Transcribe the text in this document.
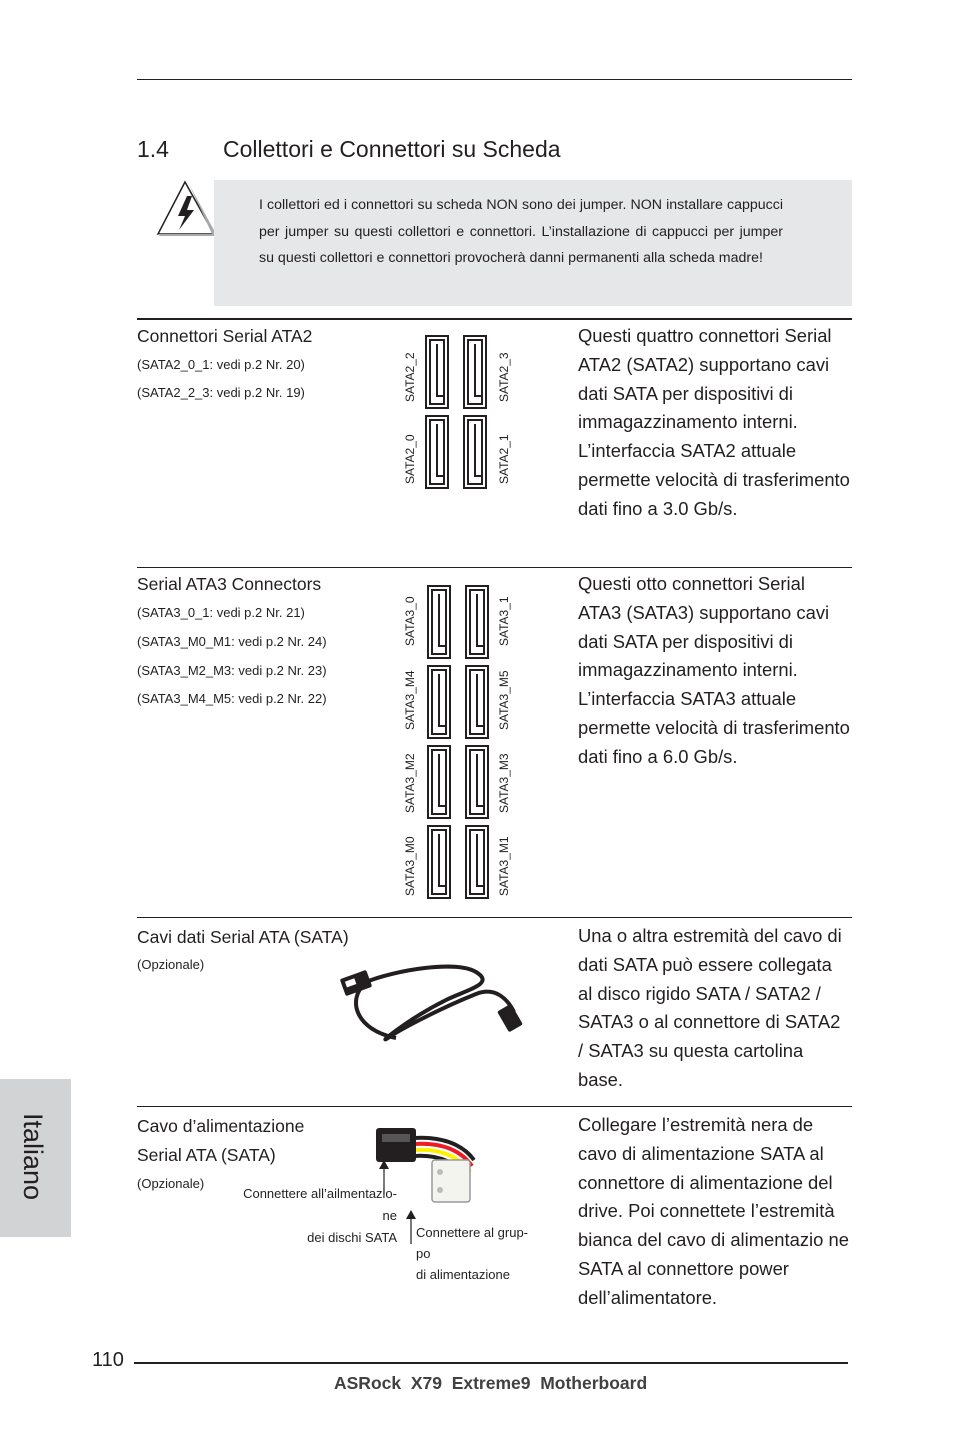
1.4 Collettori e Connettori su Scheda
I collettori ed i connettori su scheda NON sono dei jumper. NON installare cappucci per jumper su questi collettori e connettori. L’installazione di cappucci per jumper su questi collettori e connettori provocherà danni permanenti alla scheda madre!
Connettori Serial ATA2
(SATA2_0_1: vedi p.2 Nr. 20)
(SATA2_2_3: vedi p.2 Nr. 19)	SATA2_2	SATA2_3
SATA2_0	SATA2_1
Questi quattro connettori Serial ATA2 (SATA2) supportano cavi dati SATA per dispositivi di immagazzinamento interni. L’interfaccia SATA2 attuale permette velocità di trasferimento dati fino a 3.0 Gb/s.
Serial ATA3 Connectors
(SATA3_0_1: vedi p.2 Nr. 21)
(SATA3_M0_M1: vedi p.2 Nr. 24)
(SATA3_M2_M3: vedi p.2 Nr. 23)
(SATA3_M4_M5: vedi p.2 Nr. 22)
SATA3_0	SATA3_1
SATA3_M4	SATA3_M5
SATA3_M2	SATA3_M3
SATA3_M0	SATA3_M1
Questi otto connettori Serial ATA3 (SATA3) supportano cavi dati SATA per dispositivi di immagazzinamento interni. L’interfaccia SATA3 attuale permette velocità di trasferimento dati fino a 6.0 Gb/s.
Cavi dati Serial ATA (SATA)
(Opzionale)
Una o altra estremità del cavo di dati SATA può essere collegata al disco rigido SATA / SATA2 / SATA3 o al connettore di SATA2 / SATA3 su questa cartolina base.
Cavo d’alimentazione
Serial ATA (SATA)
(Opzionale)
Connettere all’ailmentazio-
ne
dei dischi SATA Connettere al grup-
po
di alimentazione
Collegare l’estremità nera de cavo di alimentazione SATA al connettore di alimentazione del drive. Poi connettete l’estremità bianca del cavo di alimentazio ne SATA al connettore power dell’alimentatore.
Italiano
110
ASRock  X79  Extreme9  Motherboard
